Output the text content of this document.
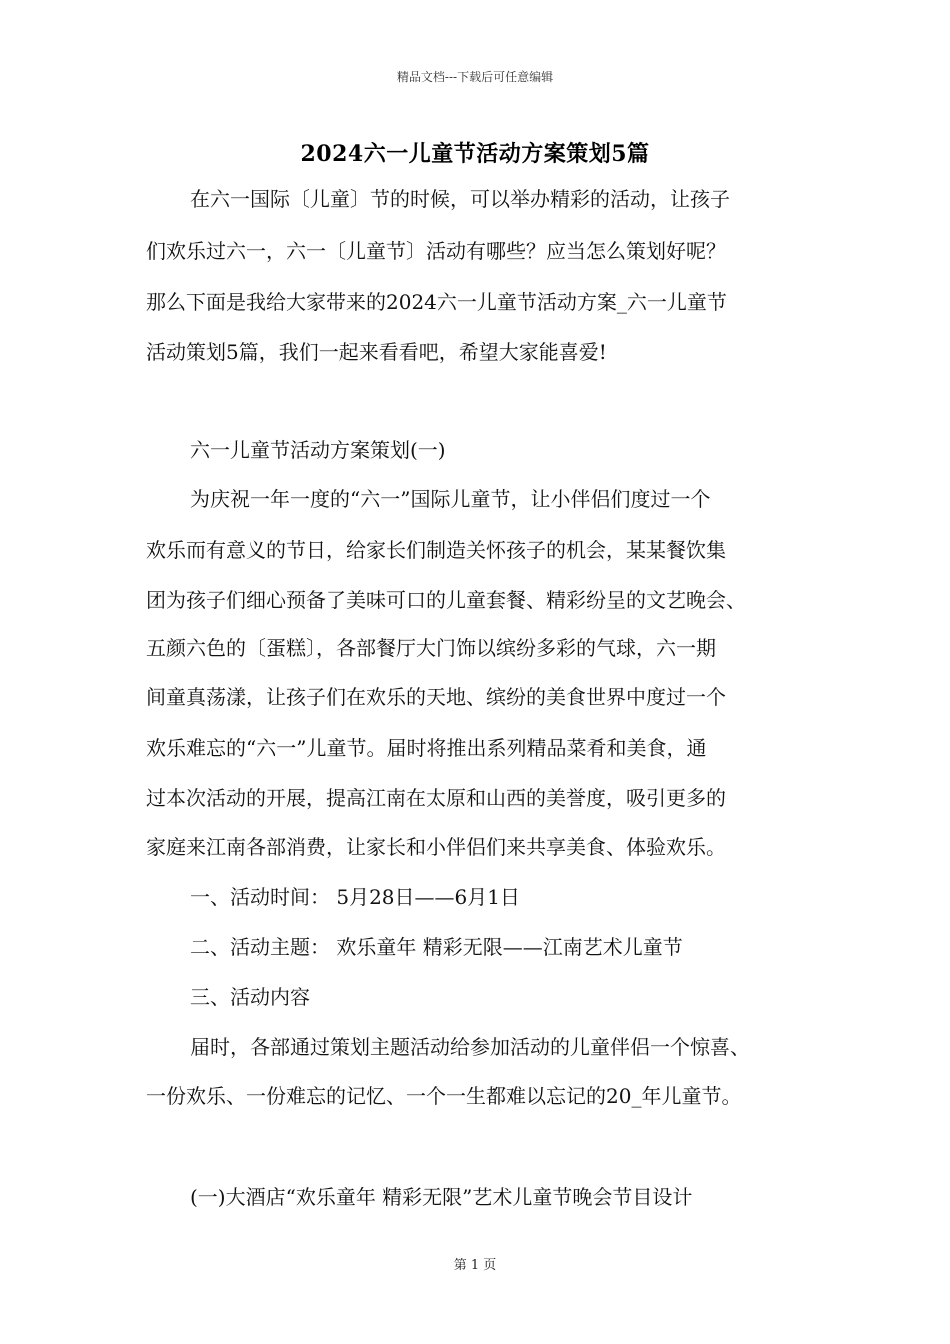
精品文档---下载后可任意编辑
2024六一儿童节活动方案策划5篇
在六一国际〔儿童〕节的时候，可以举办精彩的活动，让孩子
们欢乐过六一，六一〔儿童节〕活动有哪些？应当怎么策划好呢？
那么下面是我给大家带来的2024六一儿童节活动方案_六一儿童节
活动策划5篇，我们一起来看看吧，希望大家能喜爱!
六一儿童节活动方案策划(一)
为庆祝一年一度的“六一”国际儿童节，让小伴侣们度过一个
欢乐而有意义的节日，给家长们制造关怀孩子的机会，某某餐饮集
团为孩子们细心预备了美味可口的儿童套餐、精彩纷呈的文艺晚会、
五颜六色的〔蛋糕〕，各部餐厅大门饰以缤纷多彩的气球，六一期
间童真荡漾，让孩子们在欢乐的天地、缤纷的美食世界中度过一个
欢乐难忘的“六一”儿童节。届时将推出系列精品菜肴和美食，通
过本次活动的开展，提高江南在太原和山西的美誉度，吸引更多的
家庭来江南各部消费，让家长和小伴侣们来共享美食、体验欢乐。
一、活动时间： 5月28日——6月1日
二、活动主题： 欢乐童年 精彩无限——江南艺术儿童节
三、活动内容
届时，各部通过策划主题活动给参加活动的儿童伴侣一个惊喜、
一份欢乐、一份难忘的记忆、一个一生都难以忘记的20_年儿童节。
(一)大酒店“欢乐童年 精彩无限”艺术儿童节晚会节目设计
第 1 页
